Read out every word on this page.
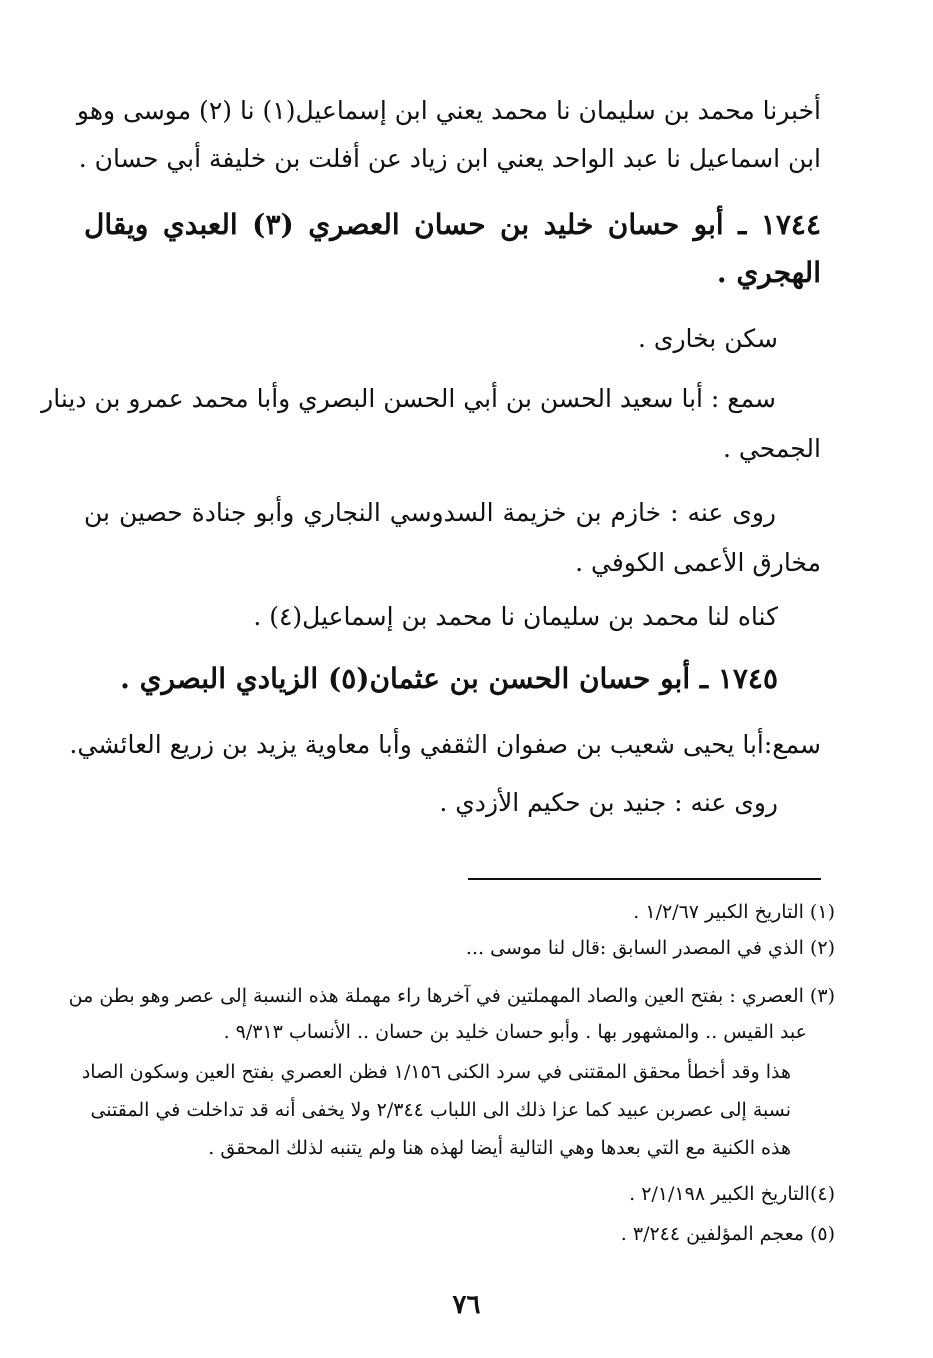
أخبرنا محمد بن سليمان نا محمد يعني ابن إسماعيل(١) نا (٢) موسى وهو
ابن اسماعيل نا عبد الواحد يعني ابن زياد عن أفلت بن خليفة أبي حسان .
١٧٤٤ ـ أبو حسان خليد بن حسان العصري (٣) العبدي ويقال
الهجري .
سكن بخارى .
سمع : أبا سعيد الحسن بن أبي الحسن البصري وأبا محمد عمرو بن دينار
الجمحي .
روى عنه : خازم بن خزيمة السدوسي النجاري وأبو جنادة حصين بن
مخارق الأعمى الكوفي .
كناه لنا محمد بن سليمان نا محمد بن إسماعيل(٤) .
١٧٤٥ ـ أبو حسان الحسن بن عثمان(٥) الزيادي البصري .
سمع:أبا يحيى شعيب بن صفوان الثقفي وأبا معاوية يزيد بن زريع العائشي.
روى عنه : جنيد بن حكيم الأزدي .
(١) التاريخ الكبير ١/٢/٦٧ .
(٢) الذي في المصدر السابق :قال لنا موسى ...
(٣) العصري : بفتح العين والصاد المهملتين في آخرها راء مهملة هذه النسبة إلى عصر وهو بطن من
عبد القيس .. والمشهور بها . وأبو حسان خليد بن حسان .. الأنساب ٩/٣١٣ .
هذا وقد أخطأ محقق المقتنى في سرد الكنى ١/١٥٦ فظن العصري بفتح العين وسكون الصاد
نسبة إلى عصربن عبيد كما عزا ذلك الى اللباب ٢/٣٤٤ ولا يخفى أنه قد تداخلت في المقتنى
هذه الكنية مع التي بعدها وهي التالية أيضا لهذه هنا ولم يتنبه لذلك المحقق .
(٤)التاريخ الكبير ٢/١/١٩٨ .
(٥) معجم المؤلفين ٣/٢٤٤ .
٧٦
